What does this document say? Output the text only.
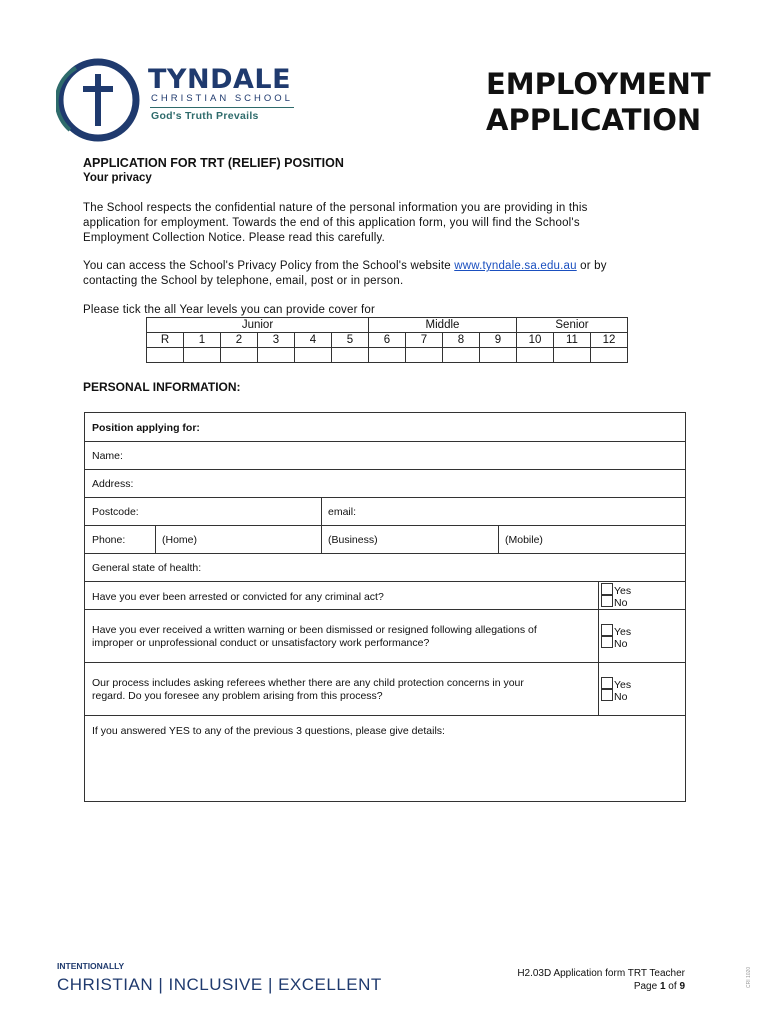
TYNDALE
CHRISTIAN SCHOOL
God's Truth Prevails
EMPLOYMENT
APPLICATION
APPLICATION FOR TRT (RELIEF) POSITION
Your privacy
The School respects the confidential nature of the personal information you are providing in this
application for employment. Towards the end of this application form, you will find the School's
Employment Collection Notice. Please read this carefully.
You can access the School's Privacy Policy from the School's website www.tyndale.sa.edu.au or by
contacting the School by telephone, email, post or in person.
Please tick the all Year levels you can provide cover for
Junior						Middle				Senior		
R	1	2	3	4	5	6	7	8	9	10	11	12

PERSONAL INFORMATION:
Position applying for:
Name:
Address:
Postcode:	email:
Phone:	(Home)	(Business)	(Mobile)
General state of health:
Have you ever been arrested or convicted for any criminal act?	Yes
No
Have you ever received a written warning or been dismissed or resigned following allegations of
improper or unprofessional conduct or unsatisfactory work performance?
Yes
No
Our process includes asking referees whether there are any child protection concerns in your
regard. Do you foresee any problem arising from this process?
Yes
No
If you answered YES to any of the previous 3 questions, please give details:
INTENTIONALLY
CHRISTIAN | INCLUSIVE | EXCELLENT
H2.03D Application form TRT Teacher
Page 1 of 9	CRI 1020
